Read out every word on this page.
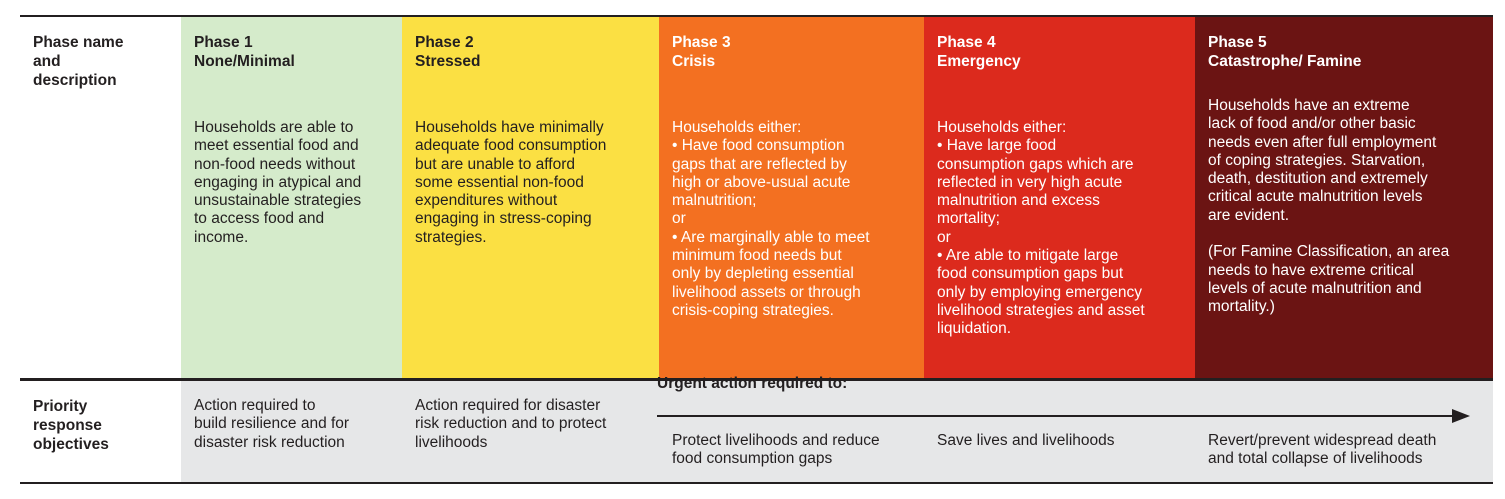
Phase name
and
description
Phase 1
None/Minimal
Households are able to
meet essential food and
non-food needs without
engaging in atypical and
unsustainable strategies
to access food and
income.
Phase 2
Stressed
Households have minimally
adequate food consumption
but are unable to afford
some essential non-food
expenditures without
engaging in stress-coping
strategies.
Phase 3
Crisis
Households either:
• Have food consumption
gaps that are reflected by
high or above-usual acute
malnutrition;
or
• Are marginally able to meet
minimum food needs but
only by depleting essential
livelihood assets or through
crisis-coping strategies.
Phase 4
Emergency
Households either:
• Have large food
consumption gaps which are
reflected in very high acute
malnutrition and excess
mortality;
or
• Are able to mitigate large
food consumption gaps but
only by employing emergency
livelihood strategies and asset
liquidation.
Phase 5
Catastrophe/ Famine
Households have an extreme
lack of food and/or other basic
needs even after full employment
of coping strategies. Starvation,
death, destitution and extremely
critical acute malnutrition levels
are evident.

(For Famine Classification, an area
needs to have extreme critical
levels of acute malnutrition and
mortality.)
Priority
response
objectives
Action required to
build resilience and for
disaster risk reduction
Action required for disaster
risk reduction and to protect
livelihoods
Urgent action required to:
Protect livelihoods and reduce
food consumption gaps
Save lives and livelihoods	Revert/prevent widespread death
and total collapse of livelihoods
